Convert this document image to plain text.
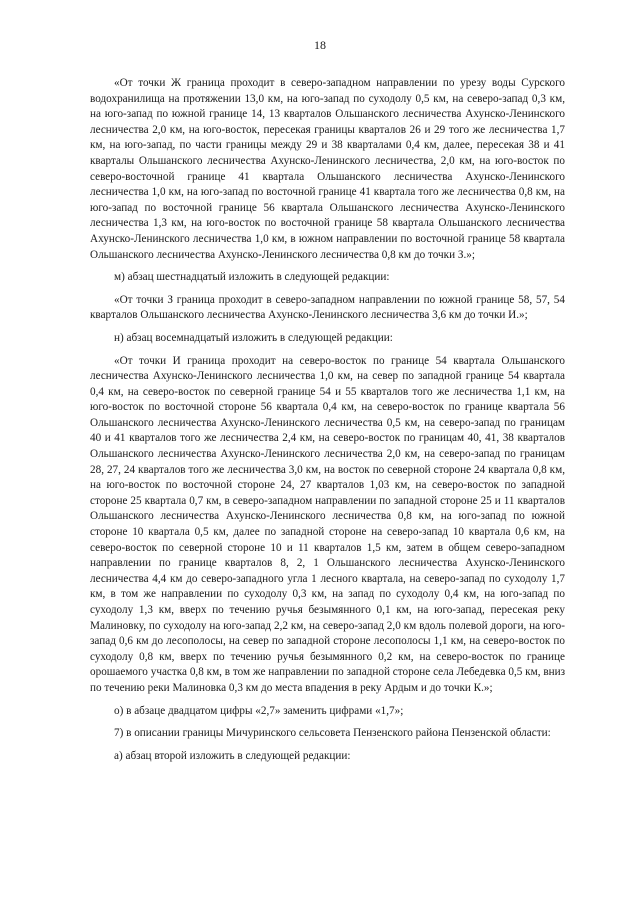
18

«От точки Ж граница проходит в северо-западном направлении по урезу воды Сурского водохранилища на протяжении 13,0 км, на юго-запад по суходолу 0,5 км, на северо-запад 0,3 км, на юго-запад по южной границе 14, 13 кварталов Ольшанского лесничества Ахунско-Ленинского лесничества 2,0 км, на юго-восток, пересекая границы кварталов 26 и 29 того же лесничества 1,7 км, на юго-запад, по части границы между 29 и 38 кварталами 0,4 км, далее, пересекая 38 и 41 кварталы Ольшанского лесничества Ахунско-Ленинского лесничества, 2,0 км, на юго-восток по северо-восточной границе 41 квартала Ольшанского лесничества Ахунско-Ленинского лесничества 1,0 км, на юго-запад по восточной границе 41 квартала того же лесничества 0,8 км, на юго-запад по восточной границе 56 квартала Ольшанского лесничества Ахунско-Ленинского лесничества 1,3 км, на юго-восток по восточной границе 58 квартала Ольшанского лесничества Ахунско-Ленинского лесничества 1,0 км, в южном направлении по восточной границе 58 квартала Ольшанского лесничества Ахунско-Ленинского лесничества 0,8 км до точки З.»;

м) абзац шестнадцатый изложить в следующей редакции:

«От точки З граница проходит в северо-западном направлении по южной границе 58, 57, 54 кварталов Ольшанского лесничества Ахунско-Ленинского лесничества 3,6 км до точки И.»;

н) абзац восемнадцатый изложить в следующей редакции:

«От точки И граница проходит на северо-восток по границе 54 квартала Ольшанского лесничества Ахунско-Ленинского лесничества 1,0 км, на север по западной границе 54 квартала 0,4 км, на северо-восток по северной границе 54 и 55 кварталов того же лесничества 1,1 км, на юго-восток по восточной стороне 56 квартала 0,4 км, на северо-восток по границе квартала 56 Ольшанского лесничества Ахунско-Ленинского лесничества 0,5 км, на северо-запад по границам 40 и 41 кварталов того же лесничества 2,4 км, на северо-восток по границам 40, 41, 38 кварталов Ольшанского лесничества Ахунско-Ленинского лесничества 2,0 км, на северо-запад по границам 28, 27, 24 кварталов того же лесничества 3,0 км, на восток по северной стороне 24 квартала 0,8 км, на юго-восток по восточной стороне 24, 27 кварталов 1,03 км, на северо-восток по западной стороне 25 квартала 0,7 км, в северо-западном направлении по западной стороне 25 и 11 кварталов Ольшанского лесничества Ахунско-Ленинского лесничества 0,8 км, на юго-запад по южной стороне 10 квартала 0,5 км, далее по западной стороне на северо-запад 10 квартала 0,6 км, на северо-восток по северной стороне 10 и 11 кварталов 1,5 км, затем в общем северо-западном направлении по границе кварталов 8, 2, 1 Ольшанского лесничества Ахунско-Ленинского лесничества 4,4 км до северо-западного угла 1 лесного квартала, на северо-запад по суходолу 1,7 км, в том же направлении по суходолу 0,3 км, на запад по суходолу 0,4 км, на юго-запад по суходолу 1,3 км, вверх по течению ручья безымянного 0,1 км, на юго-запад, пересекая реку Малиновку, по суходолу на юго-запад 2,2 км, на северо-запад 2,0 км вдоль полевой дороги, на юго-запад 0,6 км до лесополосы, на север по западной стороне лесополосы 1,1 км, на северо-восток по суходолу 0,8 км, вверх по течению ручья безымянного 0,2 км, на северо-восток по границе орошаемого участка 0,8 км, в том же направлении по западной стороне села Лебедевка 0,5 км, вниз по течению реки Малиновка 0,3 км до места впадения в реку Ардым и до точки К.»;

о) в абзаце двадцатом цифры «2,7» заменить цифрами «1,7»;

7) в описании границы Мичуринского сельсовета Пензенского района Пензенской области:

а) абзац второй изложить в следующей редакции:
